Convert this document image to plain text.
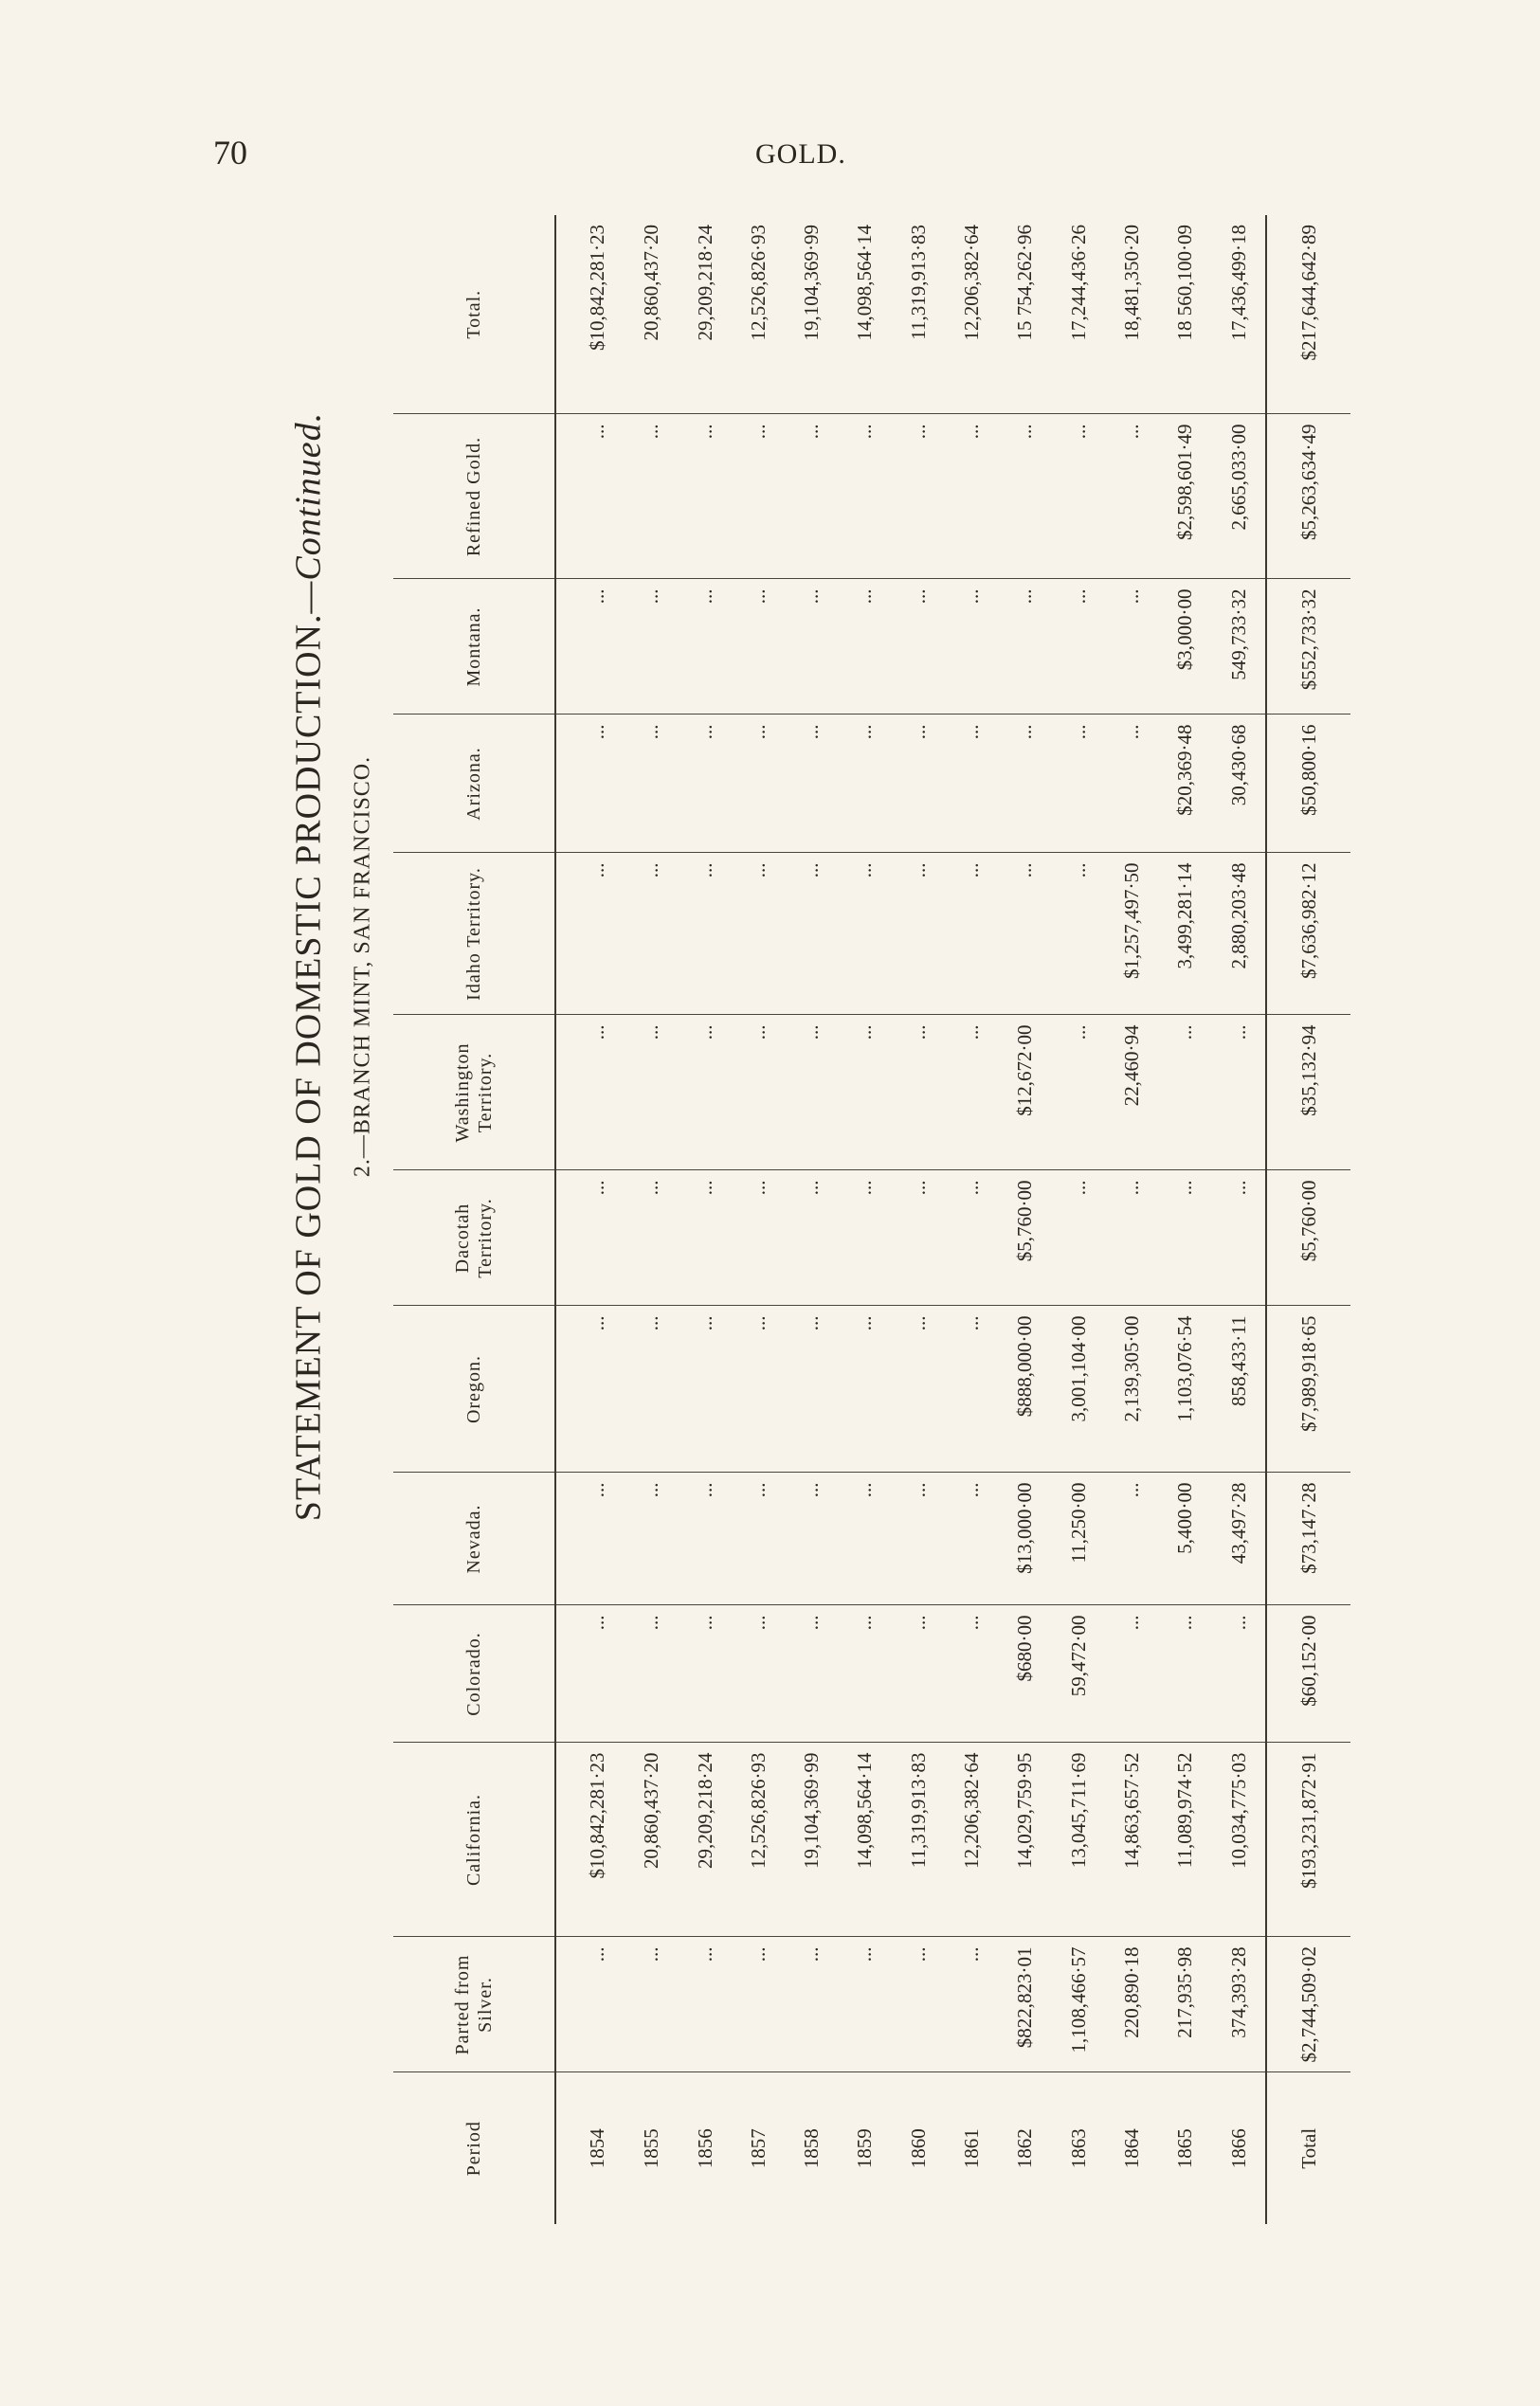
70	GOLD.
STATEMENT OF GOLD OF DOMESTIC PRODUCTION.—Continued.
2.—BRANCH MINT, SAN FRANCISCO.
Period	Parted from Silver.	California.	Colorado.	Nevada.	Oregon.	Dacotah Territory.	Washington Territory.	Idaho Territory.	Arizona.	Montana.	Refined Gold.	Total.
1854	...	$10,842,281·23	...	...	...	...	...	...	...	...	...	$10,842,281·23
1855	...	20,860,437·20	...	...	...	...	...	...	...	...	...	20,860,437·20
1856	...	29,209,218·24	...	...	...	...	...	...	...	...	...	29,209,218·24
1857	...	12,526,826·93	...	...	...	...	...	...	...	...	...	12,526,826·93
1858	...	19,104,369·99	...	...	...	...	...	...	...	...	...	19,104,369·99
1859	...	14,098,564·14	...	...	...	...	...	...	...	...	...	14,098,564·14
1860	...	11,319,913·83	...	...	...	...	...	...	...	...	...	11,319,913·83
1861	...	12,206,382·64	...	...	...	...	...	...	...	...	...	12,206,382·64
1862	$822,823·01	14,029,759·95	$680·00	$13,000·00	$888,000·00	$5,760·00	$12,672·00	...	...	...	...	15 754,262·96
1863	1,108,466·57	13,045,711·69	59,472·00	11,250·00	3,001,104·00	...	...	...	...	...	...	17,244,436·26
1864	220,890·18	14,863,657·52	...	...	2,139,305·00	...	22,460·94	$1,257,497·50	...	...	...	18,481,350·20
1865	217,935·98	11,089,974·52	...	5,400·00	1,103,076·54	...	...	3,499,281·14	$20,369·48	$3,000·00	$2,598,601·49	18 560,100·09
1866	374,393·28	10,034,775·03	...	43,497·28	858,433·11	...	...	2,880,203·48	30,430·68	549,733·32	2,665,033·00	17,436,499·18
Total	$2,744,509·02	$193,231,872·91	$60,152·00	$73,147·28	$7,989,918·65	$5,760·00	$35,132·94	$7,636,982·12	$50,800·16	$552,733·32	$5,263,634·49	$217,644,642·89
